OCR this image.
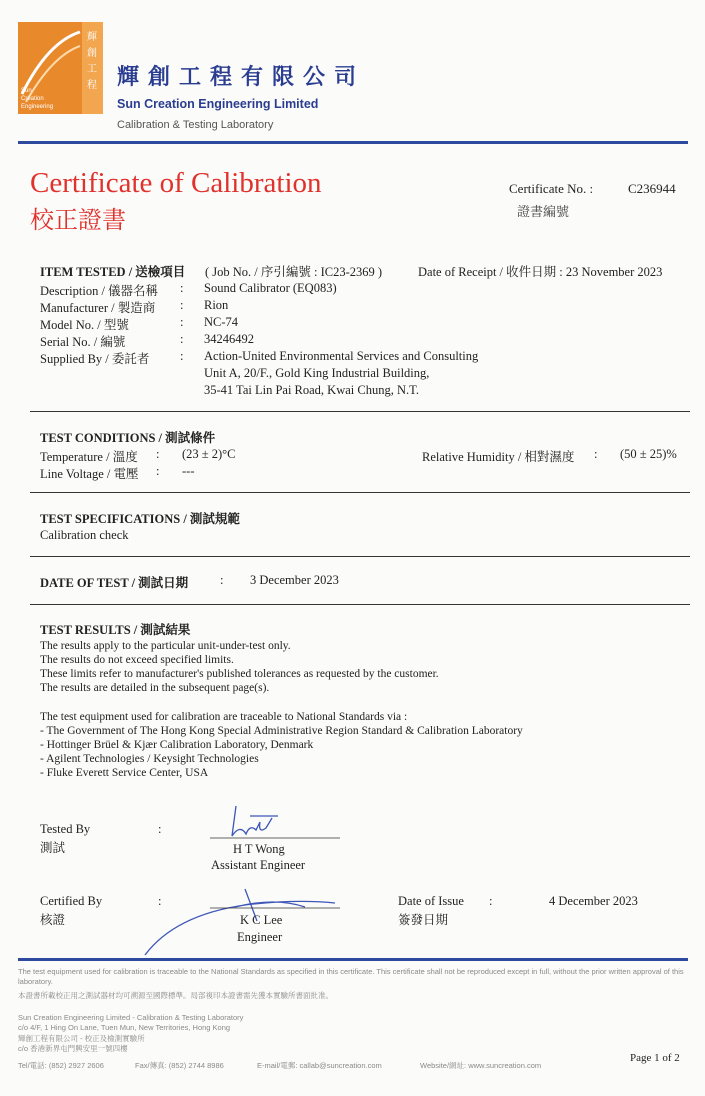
輝
創
工
程
Sun
Creation
Engineering
輝創工程有限公司
Sun Creation Engineering Limited
Calibration & Testing Laboratory
Certificate of Calibration
校正證書
Certificate No. :	C236944
證書編號
ITEM TESTED / 送檢項目 ( Job No. / 序引編號 : IC23-2369 )	Date of Receipt / 收件日期 : 23 November 2023
Description / 儀器名稱 : Sound Calibrator (EQ083)
Manufacturer / 製造商 : Rion
Model No. / 型號	: NC-74
Serial No. / 編號	: 34246492
Supplied By / 委託者 : Action-United Environmental Services and Consulting
Unit A, 20/F., Gold King Industrial Building,
35-41 Tai Lin Pai Road, Kwai Chung, N.T.
TEST CONDITIONS / 測試條件
Temperature / 溫度 : (23 ± 2)°C	Relative Humidity / 相對濕度 : (50 ± 25)%
Line Voltage / 電壓 : ---
TEST SPECIFICATIONS / 測試規範
Calibration check
DATE OF TEST / 測試日期	: 3 December 2023
TEST RESULTS / 測試結果
The results apply to the particular unit-under-test only.
The results do not exceed specified limits.
These limits refer to manufacturer's published tolerances as requested by the customer.
The results are detailed in the subsequent page(s).
The test equipment used for calibration are traceable to National Standards via :
- The Government of The Hong Kong Special Administrative Region Standard & Calibration Laboratory
- Hottinger Brüel & Kjær Calibration Laboratory, Denmark
- Agilent Technologies / Keysight Technologies
- Fluke Everett Service Center, USA
Tested By
測試
:
H T Wong
Assistant Engineer
Certified By
核證
:
K C Lee
Engineer
Date of Issue
簽發日期
:	4 December 2023
The test equipment used for calibration is traceable to the National Standards as specified in this certificate. This certificate shall not be reproduced except in full, without the prior written approval of this laboratory.
本證書所載校正用之測試器材均可溯源至國際標準。局部複印本證書需先獲本實驗所書面批准。
Sun Creation Engineering Limited - Calibration & Testing Laboratory
c/o 4/F, 1 Hing On Lane, Tuen Mun, New Territories, Hong Kong
輝創工程有限公司 - 校正及檢測實驗所
c/o 香港新界屯門興安里一號四樓
Tel/電話: (852) 2927 2606	Fax/傳真: (852) 2744 8986	E-mail/電郵: callab@suncreation.com	Website/網址: www.suncreation.com
Page 1 of 2
